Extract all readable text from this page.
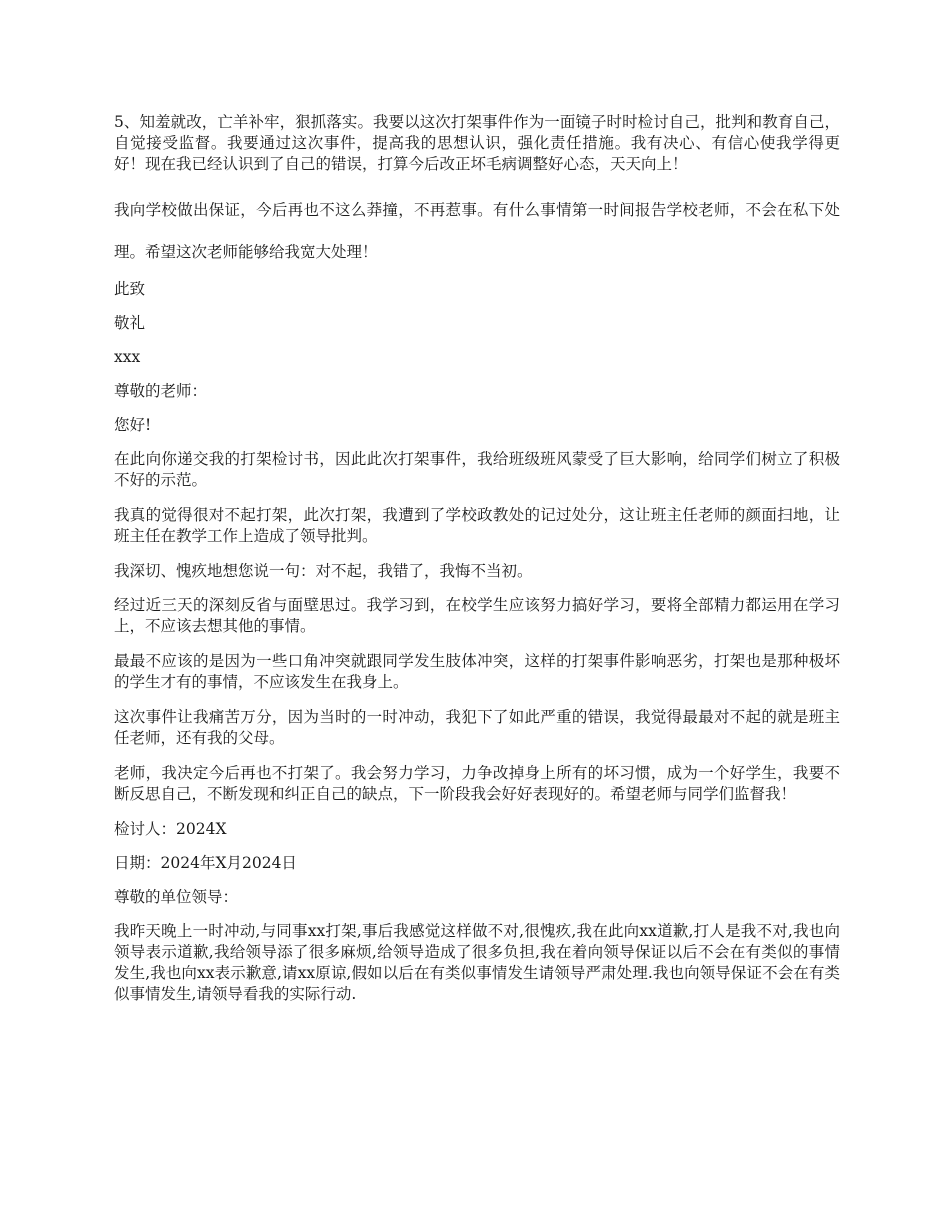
5、知羞就改，亡羊补牢，狠抓落实。我要以这次打架事件作为一面镜子时时检讨自己，批判和教育自己，自觉接受监督。我要通过这次事件，提高我的思想认识，强化责任措施。我有决心、有信心使我学得更好！现在我已经认识到了自己的错误，打算今后改正坏毛病调整好心态，天天向上！

我向学校做出保证，今后再也不这么莽撞，不再惹事。有什么事情第一时间报告学校老师，不会在私下处理。希望这次老师能够给我宽大处理！

此致

敬礼

xxx

尊敬的老师：

您好!

在此向你递交我的打架检讨书，因此此次打架事件，我给班级班风蒙受了巨大影响，给同学们树立了积极不好的示范。

我真的觉得很对不起打架，此次打架，我遭到了学校政教处的记过处分，这让班主任老师的颜面扫地，让班主任在教学工作上造成了领导批判。

我深切、愧疚地想您说一句：对不起，我错了，我悔不当初。

经过近三天的深刻反省与面壁思过。我学习到，在校学生应该努力搞好学习，要将全部精力都运用在学习上，不应该去想其他的事情。

最最不应该的是因为一些口角冲突就跟同学发生肢体冲突，这样的打架事件影响恶劣，打架也是那种极坏的学生才有的事情，不应该发生在我身上。

这次事件让我痛苦万分，因为当时的一时冲动，我犯下了如此严重的错误，我觉得最最对不起的就是班主任老师，还有我的父母。

老师，我决定今后再也不打架了。我会努力学习，力争改掉身上所有的坏习惯，成为一个好学生，我要不断反思自己，不断发现和纠正自己的缺点，下一阶段我会好好表现好的。希望老师与同学们监督我！

检讨人：2024X

日期：2024年X月2024日

尊敬的单位领导：

我昨天晚上一时冲动,与同事xx打架,事后我感觉这样做不对,很愧疚,我在此向xx道歉,打人是我不对,我也向领导表示道歉,我给领导添了很多麻烦,给领导造成了很多负担,我在着向领导保证以后不会在有类似的事情发生,我也向xx表示歉意,请xx原谅,假如以后在有类似事情发生请领导严肃处理.我也向领导保证不会在有类似事情发生,请领导看我的实际行动.
